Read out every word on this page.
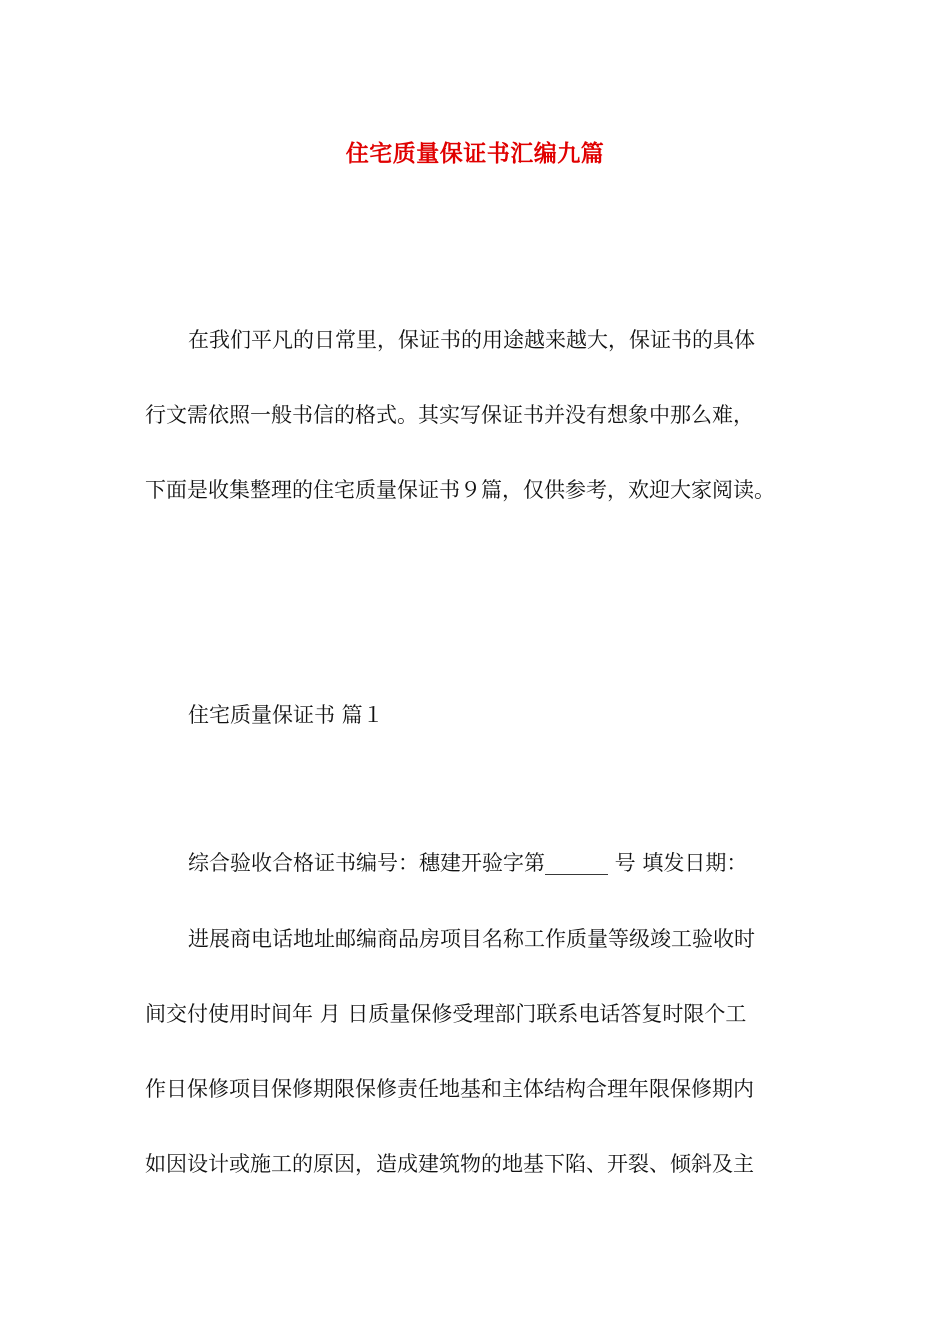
住宅质量保证书汇编九篇
在我们平凡的日常里，保证书的用途越来越大，保证书的具体
行文需依照一般书信的格式。其实写保证书并没有想象中那么难，
下面是收集整理的住宅质量保证书９篇，仅供参考，欢迎大家阅读。
住宅质量保证书 篇１
综合验收合格证书编号：穗建开验字第______ 号 填发日期：
进展商电话地址邮编商品房项目名称工作质量等级竣工验收时
间交付使用时间年 月 日质量保修受理部门联系电话答复时限个工
作日保修项目保修期限保修责任地基和主体结构合理年限保修期内
如因设计或施工的原因，造成建筑物的地基下陷、开裂、倾斜及主
